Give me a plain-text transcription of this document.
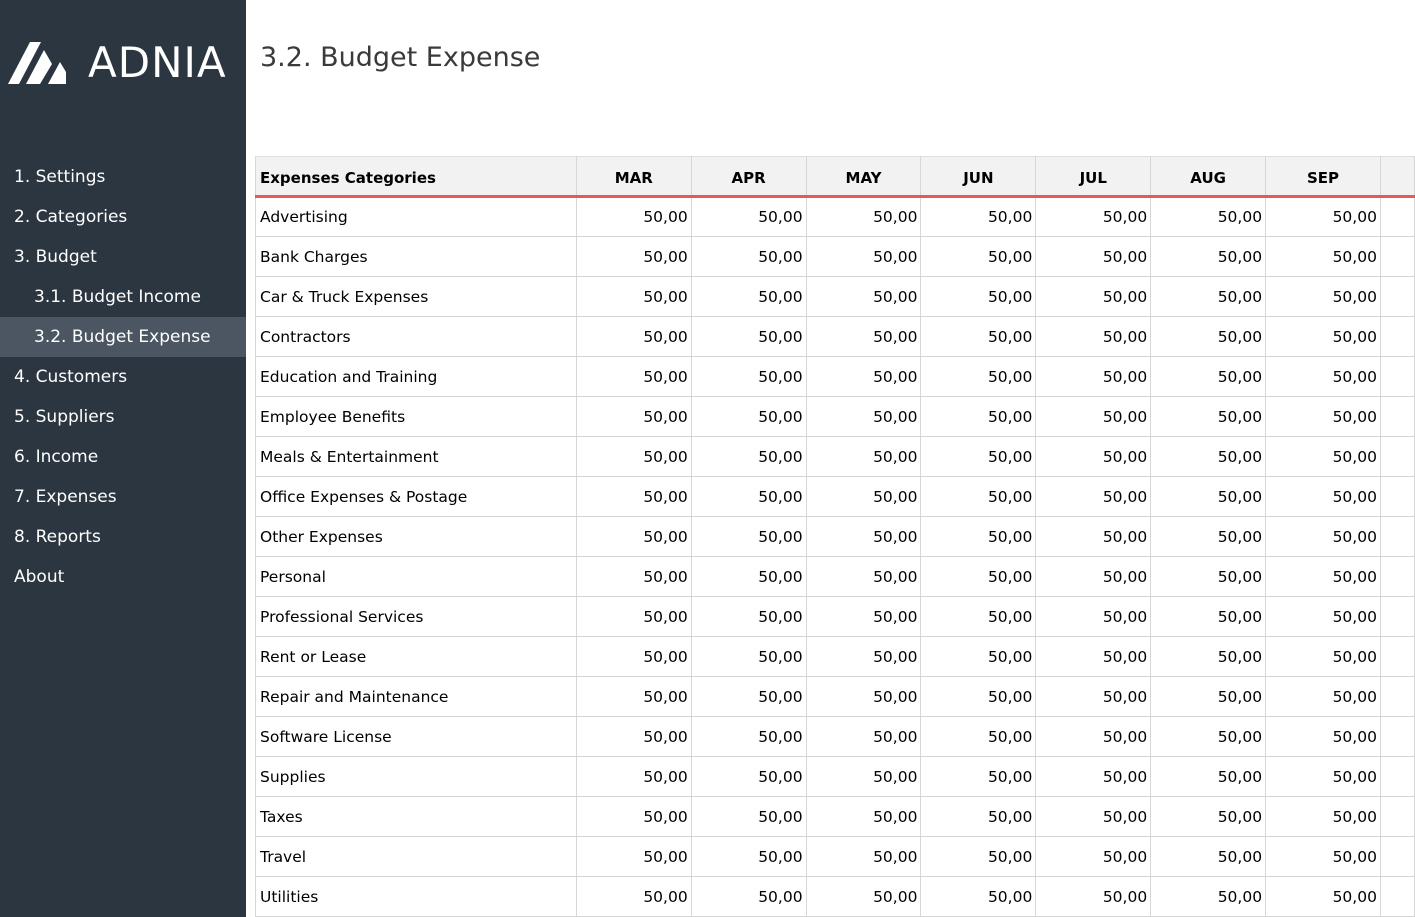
ADNIA
1. Settings
2. Categories
3. Budget
3.1. Budget Income
3.2. Budget Expense
4. Customers
5. Suppliers
6. Income
7. Expenses
8. Reports
About
3.2. Budget Expense
Expenses Categories	MAR	APR	MAY	JUN	JUL	AUG	SEP	
Advertising	50,00	50,00	50,00	50,00	50,00	50,00	50,00	
Bank Charges	50,00	50,00	50,00	50,00	50,00	50,00	50,00	
Car & Truck Expenses	50,00	50,00	50,00	50,00	50,00	50,00	50,00	
Contractors	50,00	50,00	50,00	50,00	50,00	50,00	50,00	
Education and Training	50,00	50,00	50,00	50,00	50,00	50,00	50,00	
Employee Benefits	50,00	50,00	50,00	50,00	50,00	50,00	50,00	
Meals & Entertainment	50,00	50,00	50,00	50,00	50,00	50,00	50,00	
Office Expenses & Postage	50,00	50,00	50,00	50,00	50,00	50,00	50,00	
Other Expenses	50,00	50,00	50,00	50,00	50,00	50,00	50,00	
Personal	50,00	50,00	50,00	50,00	50,00	50,00	50,00	
Professional Services	50,00	50,00	50,00	50,00	50,00	50,00	50,00	
Rent or Lease	50,00	50,00	50,00	50,00	50,00	50,00	50,00	
Repair and Maintenance	50,00	50,00	50,00	50,00	50,00	50,00	50,00	
Software License	50,00	50,00	50,00	50,00	50,00	50,00	50,00	
Supplies	50,00	50,00	50,00	50,00	50,00	50,00	50,00	
Taxes	50,00	50,00	50,00	50,00	50,00	50,00	50,00	
Travel	50,00	50,00	50,00	50,00	50,00	50,00	50,00	
Utilities	50,00	50,00	50,00	50,00	50,00	50,00	50,00	
